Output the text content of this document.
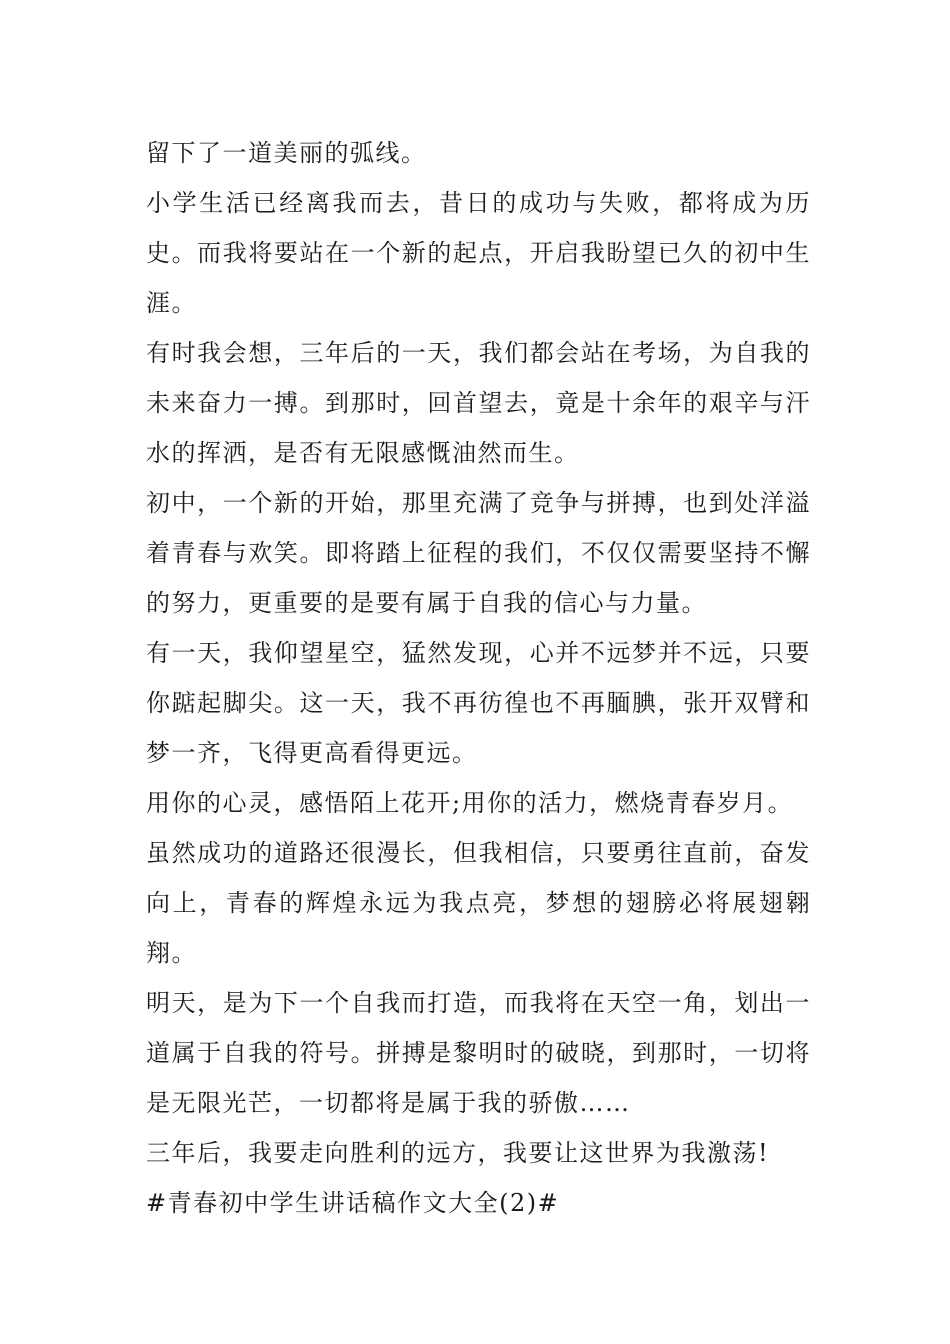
留下了一道美丽的弧线。

小学生活已经离我而去，昔日的成功与失败，都将成为历史。而我将要站在一个新的起点，开启我盼望已久的初中生涯。

有时我会想，三年后的一天，我们都会站在考场，为自我的未来奋力一搏。到那时，回首望去，竟是十余年的艰辛与汗水的挥洒，是否有无限感慨油然而生。

初中，一个新的开始，那里充满了竞争与拼搏，也到处洋溢着青春与欢笑。即将踏上征程的我们，不仅仅需要坚持不懈的努力，更重要的是要有属于自我的信心与力量。

有一天，我仰望星空，猛然发现，心并不远梦并不远，只要你踮起脚尖。这一天，我不再彷徨也不再腼腆，张开双臂和梦一齐，飞得更高看得更远。

用你的心灵，感悟陌上花开;用你的活力，燃烧青春岁月。

虽然成功的道路还很漫长，但我相信，只要勇往直前，奋发向上，青春的辉煌永远为我点亮，梦想的翅膀必将展翅翱翔。

明天，是为下一个自我而打造，而我将在天空一角，划出一道属于自我的符号。拼搏是黎明时的破晓，到那时，一切将是无限光芒，一切都将是属于我的骄傲……

三年后，我要走向胜利的远方，我要让这世界为我激荡!

#青春初中学生讲话稿作文大全(2)#
